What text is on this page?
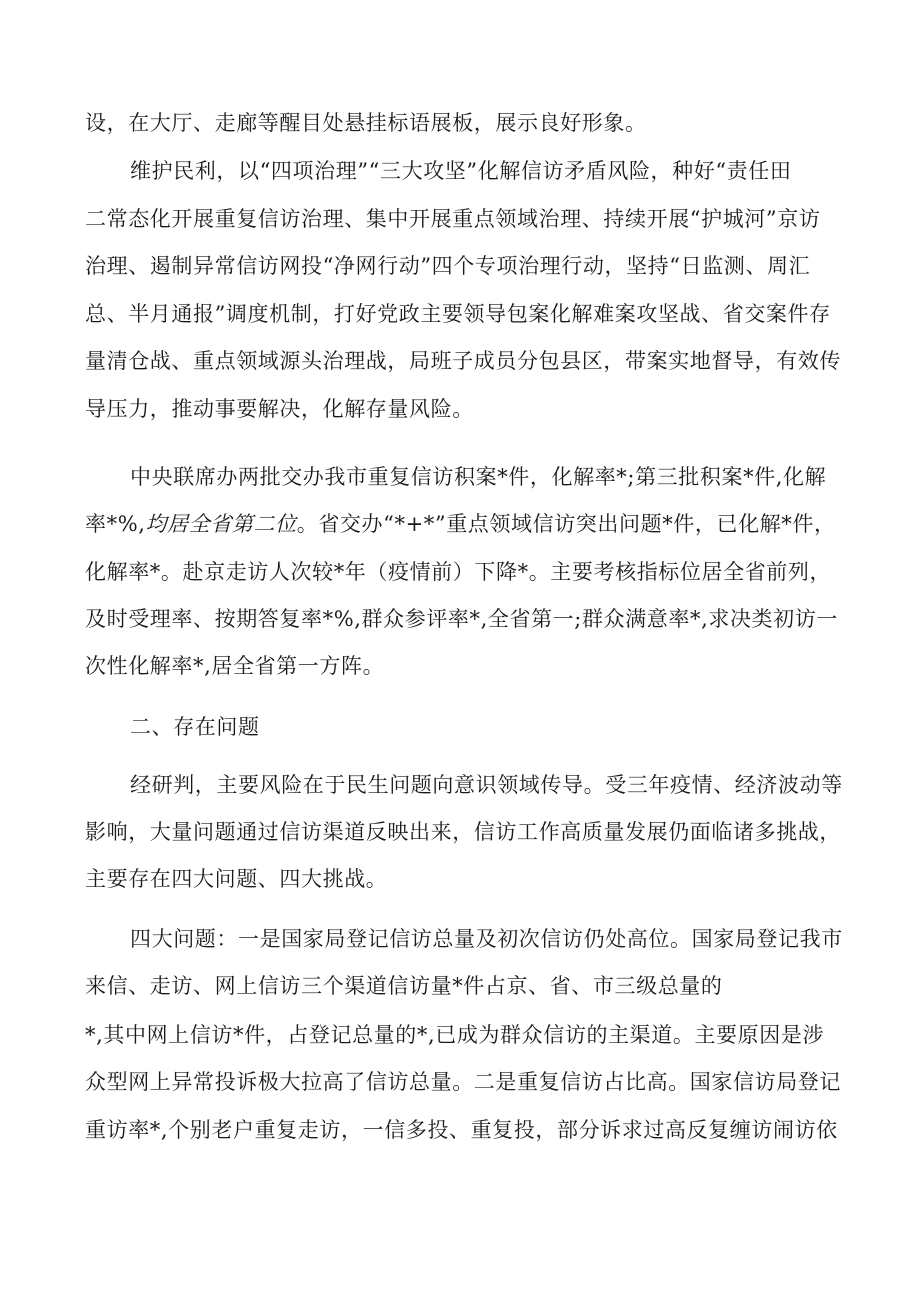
设，在大厅、走廊等醒目处悬挂标语展板，展示良好形象。
维护民利，以“四项治理”“三大攻坚”化解信访矛盾风险，种好“责任田
二常态化开展重复信访治理、集中开展重点领域治理、持续开展“护城河”京访
治理、遏制异常信访网投“净网行动”四个专项治理行动，坚持“日监测、周汇
总、半月通报”调度机制，打好党政主要领导包案化解难案攻坚战、省交案件存
量清仓战、重点领域源头治理战，局班子成员分包县区，带案实地督导，有效传
导压力，推动事要解决，化解存量风险。
中央联席办两批交办我市重复信访积案*件，化解率*;第三批积案*件,化解
率*%,均居全省第二位。省交办“*+*”重点领域信访突出问题*件，已化解*件，
化解率*。赴京走访人次较*年（疫情前）下降*。主要考核指标位居全省前列，
及时受理率、按期答复率*%,群众参评率*,全省第一;群众满意率*,求决类初访一
次性化解率*,居全省第一方阵。
二、存在问题
经研判，主要风险在于民生问题向意识领域传导。受三年疫情、经济波动等
影响，大量问题通过信访渠道反映出来，信访工作高质量发展仍面临诸多挑战，
主要存在四大问题、四大挑战。
四大问题：一是国家局登记信访总量及初次信访仍处高位。国家局登记我市
来信、走访、网上信访三个渠道信访量*件占京、省、市三级总量的
*,其中网上信访*件，占登记总量的*,已成为群众信访的主渠道。主要原因是涉
众型网上异常投诉极大拉高了信访总量。二是重复信访占比高。国家信访局登记
重访率*,个别老户重复走访，一信多投、重复投，部分诉求过高反复缠访闹访依
